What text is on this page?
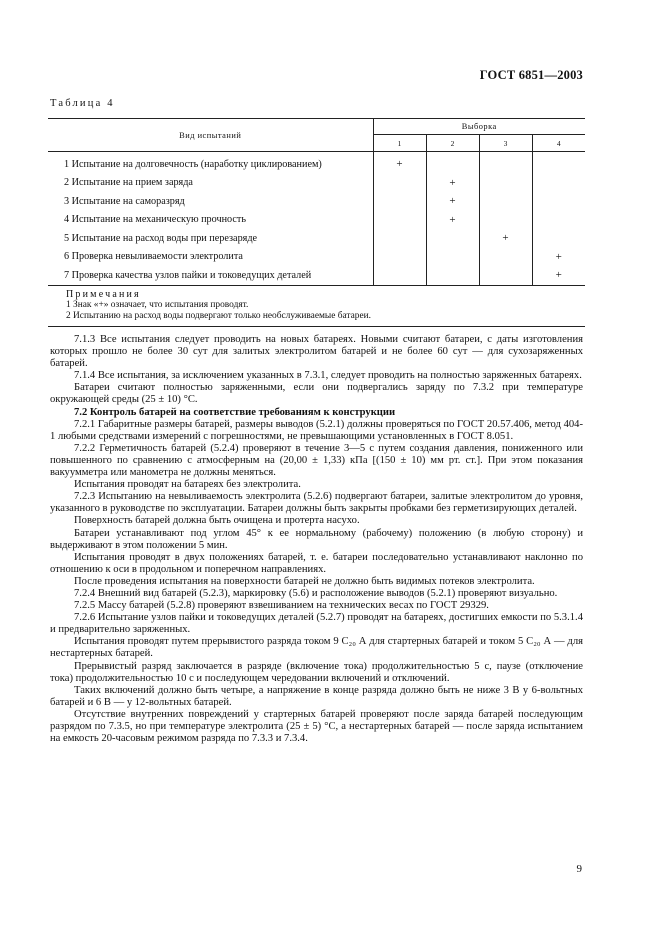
ГОСТ 6851—2003
Таблица 4
Вид испытаний	Выборка			
	1	2	3	4
1 Испытание на долговечность (наработку циклированием)	+			
2 Испытание на прием заряда		+		
3 Испытание на саморазряд		+		
4 Испытание на механическую прочность		+		
5 Испытание на расход воды при перезаряде			+	
6 Проверка невыливаемости электролита				+
7 Проверка качества узлов пайки и токоведущих деталей				+

Примечания
1 Знак «+» означает, что испытания проводят.
2 Испытанию на расход воды подвергают только необслуживаемые батареи.				

7.1.3 Все испытания следует проводить на новых батареях. Новыми считают батареи, с даты изготовления которых прошло не более 30 сут для залитых электролитом батарей и не более 60 сут — для сухозаряженных батарей.

7.1.4 Все испытания, за исключением указанных в 7.3.1, следует проводить на полностью заряженных батареях.

Батареи считают полностью заряженными, если они подвергались заряду по 7.3.2 при температуре окружающей среды (25 ± 10) °С.

7.2 Контроль батарей на соответствие требованиям к конструкции

7.2.1 Габаритные размеры батарей, размеры выводов (5.2.1) должны проверяться по ГОСТ 20.57.406, метод 404-1 любыми средствами измерений с погрешностями, не превышающими установленных в ГОСТ 8.051.

7.2.2 Герметичность батарей (5.2.4) проверяют в течение 3—5 с путем создания давления, пониженного или повышенного по сравнению с атмосферным на (20,00 ± 1,33) кПа [(150 ± 10) мм рт. ст.]. При этом показания вакуумметра или манометра не должны меняться.

Испытания проводят на батареях без электролита.

7.2.3 Испытанию на невыливаемость электролита (5.2.6) подвергают батареи, залитые электролитом до уровня, указанного в руководстве по эксплуатации. Батареи должны быть закрыты пробками без герметизирующих деталей.

Поверхность батарей должна быть очищена и протерта насухо.

Батареи устанавливают под углом 45° к ее нормальному (рабочему) положению (в любую сторону) и выдерживают в этом положении 5 мин.

Испытания проводят в двух положениях батарей, т. е. батареи последовательно устанавливают наклонно по отношению к оси в продольном и поперечном направлениях.

После проведения испытания на поверхности батарей не должно быть видимых потеков электролита.

7.2.4 Внешний вид батарей (5.2.3), маркировку (5.6) и расположение выводов (5.2.1) проверяют визуально.

7.2.5 Массу батарей (5.2.8) проверяют взвешиванием на технических весах по ГОСТ 29329.

7.2.6 Испытание узлов пайки и токоведущих деталей (5.2.7) проводят на батареях, достигших емкости по 5.3.1.4 и предварительно заряженных.

Испытания проводят путем прерывистого разряда током 9 C₂₀ А для стартерных батарей и током 5 C₂₀ А — для нестартерных батарей.

Прерывистый разряд заключается в разряде (включение тока) продолжительностью 5 с, паузе (отключение тока) продолжительностью 10 с и последующем чередовании включений и отключений.

Таких включений должно быть четыре, а напряжение в конце разряда должно быть не ниже 3 В у 6-вольтных батарей и 6 В — у 12-вольтных батарей.

Отсутствие внутренних повреждений у стартерных батарей проверяют после заряда батарей последующим разрядом по 7.3.5, но при температуре электролита (25 ± 5) °С, а нестартерных батарей — после заряда испытанием на емкость 20-часовым режимом разряда по 7.3.3 и 7.3.4.

9
